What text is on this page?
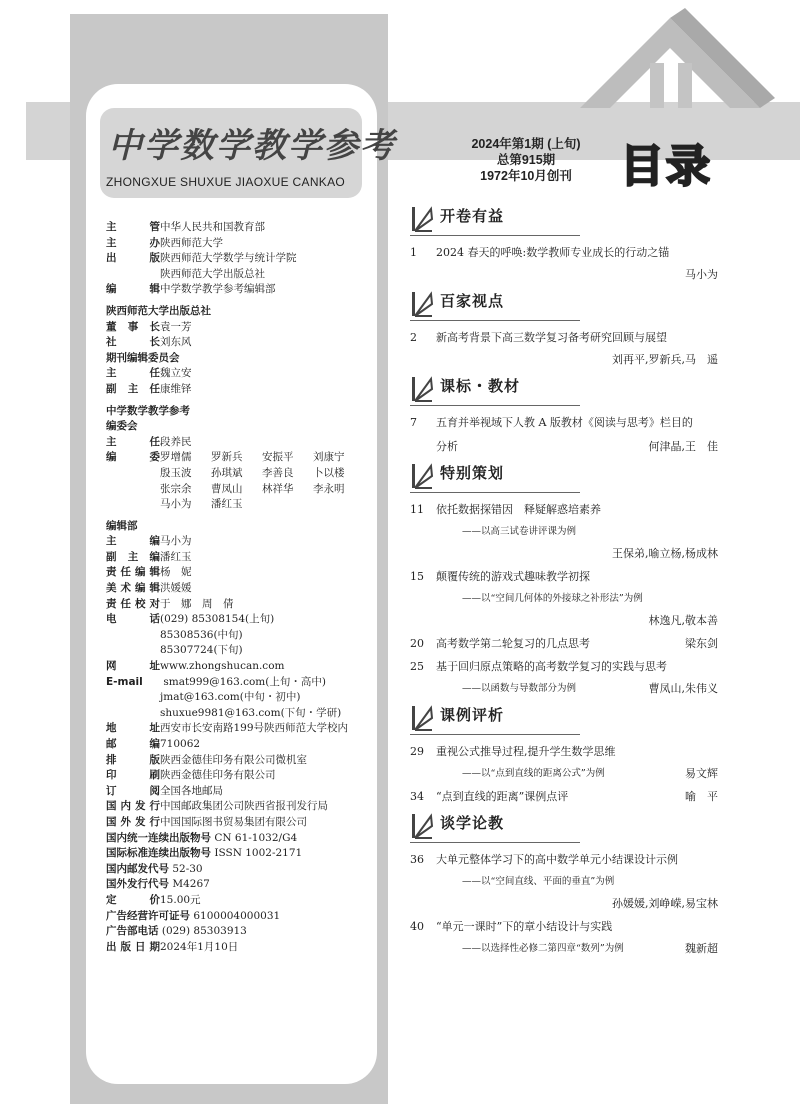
中学数学教学参考
ZHONGXUE SHUXUE JIAOXUE CANKAO
2024年第1期 (上旬)
总第915期
1972年10月创刊	目录
主　管中华人民共和国教育部
主　办陕西师范大学
出　版陕西师范大学数学与统计学院
陕西师范大学出版总社
编　辑中学数学教学参考编辑部
陕西师范大学出版总社
董 事 长袁一芳
社　长刘东风
期刊编辑委员会
主　任魏立安
副 主 任康维铎
中学数学教学参考
编委会
主　任段养民
编　委罗增儒 罗新兵 安振平 刘康宁
殷玉波 孙琪斌 李善良 卜以楼
张宗余 曹凤山 林祥华 李永明
马小为 潘红玉
编辑部
主　编马小为
副 主 编潘红玉
责任编辑杨　妮
美术编辑洪媛媛
责任校对于　娜　周　倩
电　话(029) 85308154(上旬)
85308536(中旬)
85307724(下旬)
网　址www.zhongshucan.com
E-mail smat999@163.com(上旬・高中)
jmat@163.com(中旬・初中)
shuxue9981@163.com(下旬・学研)
地　址西安市长安南路199号陕西师范大学校内
邮　编710062
排　版陕西金德佳印务有限公司微机室
印　刷陕西金德佳印务有限公司
订　阅全国各地邮局
国内发行中国邮政集团公司陕西省报刊发行局
国外发行中国国际图书贸易集团有限公司
国内统一连续出版物号 CN 61-1032/G4
国际标准连续出版物号 ISSN 1002-2171
国内邮发代号 52-30
国外发行代号 M4267
定　价15.00元
广告经营许可证号 6100004000031
广告部电话 (029) 85303913
出版日期2024年1月10日
开卷有益
1	2024 春天的呼唤:数学教师专业成长的行动之锚
马小为
百家视点
2	新高考背景下高三数学复习备考研究回顾与展望
刘再平,罗新兵,马　遥
课标・教材
7	五育并举视域下人教 A 版教材《阅读与思考》栏目的
分析	何津晶,王　佳
特别策划
11	依托数据探错因　释疑解惑培素养
——以高三试卷讲评课为例
王保弟,喻立杨,杨成林
15	颠覆传统的游戏式趣味教学初探
——以“空间几何体的外接球之补形法”为例
林逸凡,敬本善
20	高考数学第二轮复习的几点思考	梁东剑
25	基于回归原点策略的高考数学复习的实践与思考
——以函数与导数部分为例	曹凤山,朱伟义
课例评析
29	重视公式推导过程,提升学生数学思维
——以“点到直线的距离公式”为例	易文辉
34	“点到直线的距离”课例点评	喻　平
谈学论教
36	大单元整体学习下的高中数学单元小结课设计示例
——以“空间直线、平面的垂直”为例
孙媛媛,刘峥嵘,易宝林
40	“单元一课时”下的章小结设计与实践
——以选择性必修二第四章“数列”为例	魏新超
